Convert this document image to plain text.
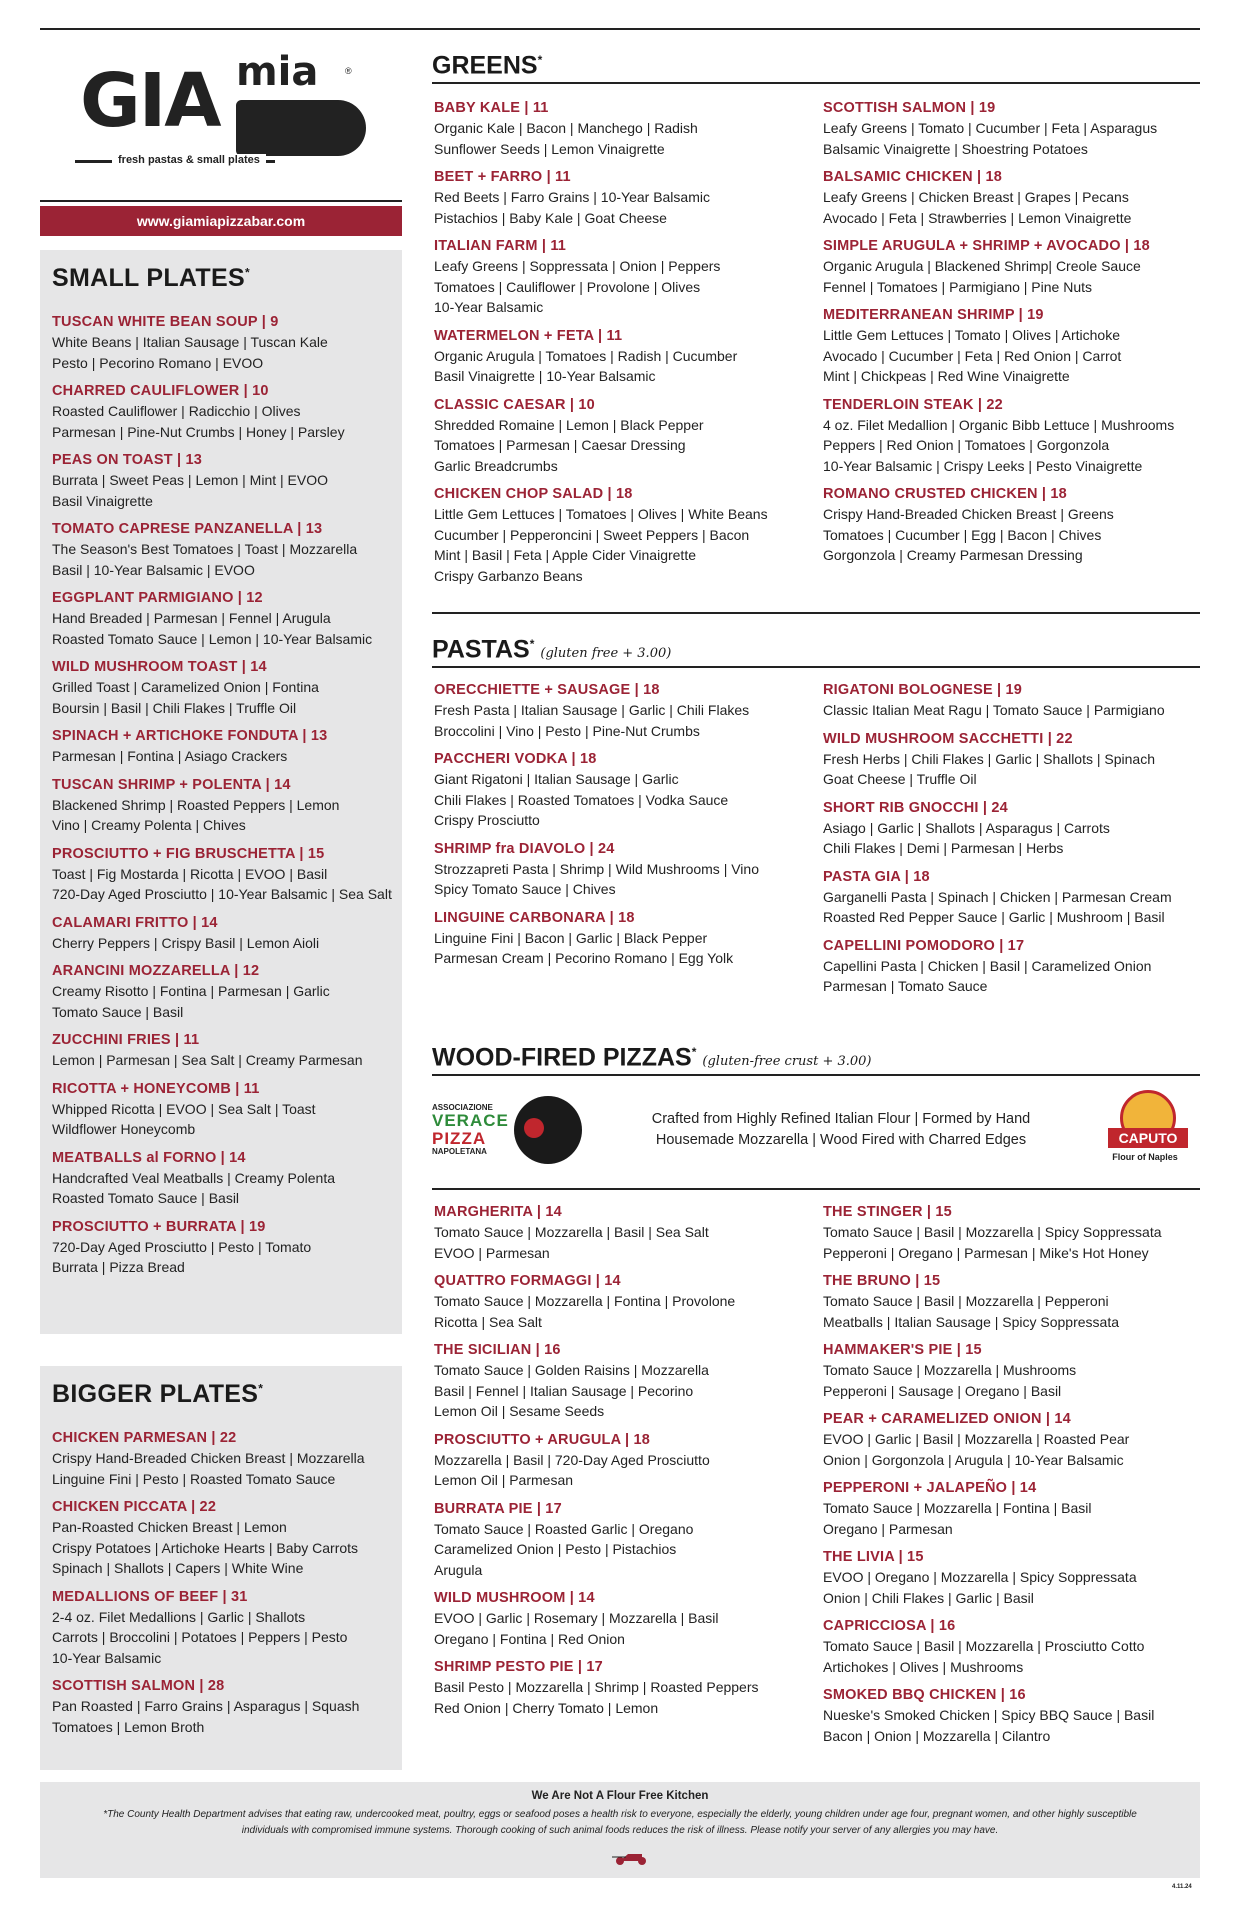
GIA mia	®
fresh pastas & small plates
www.giamiapizzabar.com
SMALL PLATES*
TUSCAN WHITE BEAN SOUP | 9
White Beans | Italian Sausage | Tuscan Kale
Pesto | Pecorino Romano | EVOO
CHARRED CAULIFLOWER | 10
Roasted Cauliflower | Radicchio | Olives
Parmesan | Pine-Nut Crumbs | Honey | Parsley
PEAS ON TOAST | 13
Burrata | Sweet Peas | Lemon | Mint | EVOO
Basil Vinaigrette
TOMATO CAPRESE PANZANELLA | 13
The Season's Best Tomatoes | Toast | Mozzarella
Basil | 10-Year Balsamic | EVOO
EGGPLANT PARMIGIANO | 12
Hand Breaded | Parmesan | Fennel | Arugula
Roasted Tomato Sauce | Lemon | 10-Year Balsamic
WILD MUSHROOM TOAST | 14
Grilled Toast | Caramelized Onion | Fontina
Boursin | Basil | Chili Flakes | Truffle Oil
SPINACH + ARTICHOKE FONDUTA | 13
Parmesan | Fontina | Asiago Crackers
TUSCAN SHRIMP + POLENTA | 14
Blackened Shrimp | Roasted Peppers | Lemon
Vino | Creamy Polenta | Chives
PROSCIUTTO + FIG BRUSCHETTA | 15
Toast | Fig Mostarda | Ricotta | EVOO | Basil
720-Day Aged Prosciutto | 10-Year Balsamic | Sea Salt
CALAMARI FRITTO | 14
Cherry Peppers | Crispy Basil | Lemon Aioli
ARANCINI MOZZARELLA | 12
Creamy Risotto | Fontina | Parmesan | Garlic
Tomato Sauce | Basil
ZUCCHINI FRIES | 11
Lemon | Parmesan | Sea Salt | Creamy Parmesan
RICOTTA + HONEYCOMB | 11
Whipped Ricotta | EVOO | Sea Salt | Toast
Wildflower Honeycomb
MEATBALLS al FORNO | 14
Handcrafted Veal Meatballs | Creamy Polenta
Roasted Tomato Sauce | Basil
PROSCIUTTO + BURRATA | 19
720-Day Aged Prosciutto | Pesto | Tomato
Burrata | Pizza Bread
BIGGER PLATES*
CHICKEN PARMESAN | 22
Crispy Hand-Breaded Chicken Breast | Mozzarella
Linguine Fini | Pesto | Roasted Tomato Sauce
CHICKEN PICCATA | 22
Pan-Roasted Chicken Breast | Lemon
Crispy Potatoes | Artichoke Hearts | Baby Carrots
Spinach | Shallots | Capers | White Wine
MEDALLIONS OF BEEF | 31
2-4 oz. Filet Medallions | Garlic | Shallots
Carrots | Broccolini | Potatoes | Peppers | Pesto
10-Year Balsamic
SCOTTISH SALMON | 28
Pan Roasted | Farro Grains | Asparagus | Squash
Tomatoes | Lemon Broth
GREENS*
BABY KALE | 11
Organic Kale | Bacon | Manchego | Radish
Sunflower Seeds | Lemon Vinaigrette
BEET + FARRO | 11
Red Beets | Farro Grains | 10-Year Balsamic
Pistachios | Baby Kale | Goat Cheese
ITALIAN FARM | 11
Leafy Greens | Soppressata | Onion | Peppers
Tomatoes | Cauliflower | Provolone | Olives
10-Year Balsamic
WATERMELON + FETA | 11
Organic Arugula | Tomatoes | Radish | Cucumber
Basil Vinaigrette | 10-Year Balsamic
CLASSIC CAESAR | 10
Shredded Romaine | Lemon | Black Pepper
Tomatoes | Parmesan | Caesar Dressing
Garlic Breadcrumbs
CHICKEN CHOP SALAD | 18
Little Gem Lettuces | Tomatoes | Olives | White Beans
Cucumber | Pepperoncini | Sweet Peppers | Bacon
Mint | Basil | Feta | Apple Cider Vinaigrette
Crispy Garbanzo Beans
SCOTTISH SALMON | 19
Leafy Greens | Tomato | Cucumber | Feta | Asparagus
Balsamic Vinaigrette | Shoestring Potatoes
BALSAMIC CHICKEN | 18
Leafy Greens | Chicken Breast | Grapes | Pecans
Avocado | Feta | Strawberries | Lemon Vinaigrette
SIMPLE ARUGULA + SHRIMP + AVOCADO | 18
Organic Arugula | Blackened Shrimp| Creole Sauce
Fennel | Tomatoes | Parmigiano | Pine Nuts
MEDITERRANEAN SHRIMP | 19
Little Gem Lettuces | Tomato | Olives | Artichoke
Avocado | Cucumber | Feta | Red Onion | Carrot
Mint | Chickpeas | Red Wine Vinaigrette
TENDERLOIN STEAK | 22
4 oz. Filet Medallion | Organic Bibb Lettuce | Mushrooms
Peppers | Red Onion | Tomatoes | Gorgonzola
10-Year Balsamic | Crispy Leeks | Pesto Vinaigrette
ROMANO CRUSTED CHICKEN | 18
Crispy Hand-Breaded Chicken Breast | Greens
Tomatoes | Cucumber | Egg | Bacon | Chives
Gorgonzola | Creamy Parmesan Dressing
PASTAS*(gluten free + 3.00)
ORECCHIETTE + SAUSAGE | 18
Fresh Pasta | Italian Sausage | Garlic | Chili Flakes
Broccolini | Vino | Pesto | Pine-Nut Crumbs
PACCHERI VODKA | 18
Giant Rigatoni | Italian Sausage | Garlic
Chili Flakes | Roasted Tomatoes | Vodka Sauce
Crispy Prosciutto
SHRIMP fra DIAVOLO | 24
Strozzapreti Pasta | Shrimp | Wild Mushrooms | Vino
Spicy Tomato Sauce | Chives
LINGUINE CARBONARA | 18
Linguine Fini | Bacon | Garlic | Black Pepper
Parmesan Cream | Pecorino Romano | Egg Yolk
RIGATONI BOLOGNESE | 19
Classic Italian Meat Ragu | Tomato Sauce | Parmigiano
WILD MUSHROOM SACCHETTI | 22
Fresh Herbs | Chili Flakes | Garlic | Shallots | Spinach
Goat Cheese | Truffle Oil
SHORT RIB GNOCCHI | 24
Asiago | Garlic | Shallots | Asparagus | Carrots
Chili Flakes | Demi | Parmesan | Herbs
PASTA GIA | 18
Garganelli Pasta | Spinach | Chicken | Parmesan Cream
Roasted Red Pepper Sauce | Garlic | Mushroom | Basil
CAPELLINI POMODORO | 17
Capellini Pasta | Chicken | Basil | Caramelized Onion
Parmesan | Tomato Sauce
WOOD-FIRED PIZZAS*(gluten-free crust + 3.00)
ASSOCIAZIONE
VERACE
PIZZA
NAPOLETANA
Crafted from Highly Refined Italian Flour | Formed by Hand
Housemade Mozzarella | Wood Fired with Charred Edges	CAPUTO
Flour of Naples
MARGHERITA | 14
Tomato Sauce | Mozzarella | Basil | Sea Salt
EVOO | Parmesan
QUATTRO FORMAGGI | 14
Tomato Sauce | Mozzarella | Fontina | Provolone
Ricotta | Sea Salt
THE SICILIAN | 16
Tomato Sauce | Golden Raisins | Mozzarella
Basil | Fennel | Italian Sausage | Pecorino
Lemon Oil | Sesame Seeds
PROSCIUTTO + ARUGULA | 18
Mozzarella | Basil | 720-Day Aged Prosciutto
Lemon Oil | Parmesan
BURRATA PIE | 17
Tomato Sauce | Roasted Garlic | Oregano
Caramelized Onion | Pesto | Pistachios
Arugula
WILD MUSHROOM | 14
EVOO | Garlic | Rosemary | Mozzarella | Basil
Oregano | Fontina | Red Onion
SHRIMP PESTO PIE | 17
Basil Pesto | Mozzarella | Shrimp | Roasted Peppers
Red Onion | Cherry Tomato | Lemon
THE STINGER | 15
Tomato Sauce | Basil | Mozzarella | Spicy Soppressata
Pepperoni | Oregano | Parmesan | Mike's Hot Honey
THE BRUNO | 15
Tomato Sauce | Basil | Mozzarella | Pepperoni
Meatballs | Italian Sausage | Spicy Soppressata
HAMMAKER'S PIE | 15
Tomato Sauce | Mozzarella | Mushrooms
Pepperoni | Sausage | Oregano | Basil
PEAR + CARAMELIZED ONION | 14
EVOO | Garlic | Basil | Mozzarella | Roasted Pear
Onion | Gorgonzola | Arugula | 10-Year Balsamic
PEPPERONI + JALAPEÑO | 14
Tomato Sauce | Mozzarella | Fontina | Basil
Oregano | Parmesan
THE LIVIA | 15
EVOO | Oregano | Mozzarella | Spicy Soppressata
Onion | Chili Flakes | Garlic | Basil
CAPRICCIOSA | 16
Tomato Sauce | Basil | Mozzarella | Prosciutto Cotto
Artichokes | Olives | Mushrooms
SMOKED BBQ CHICKEN | 16
Nueske's Smoked Chicken | Spicy BBQ Sauce | Basil
Bacon | Onion | Mozzarella | Cilantro
We Are Not A Flour Free Kitchen
*The County Health Department advises that eating raw, undercooked meat, poultry, eggs or seafood poses a health risk to everyone, especially the elderly, young children under age four, pregnant women, and other highly susceptible individuals with compromised immune systems. Thorough cooking of such animal foods reduces the risk of illness. Please notify your server of any allergies you may have.
4.11.24
